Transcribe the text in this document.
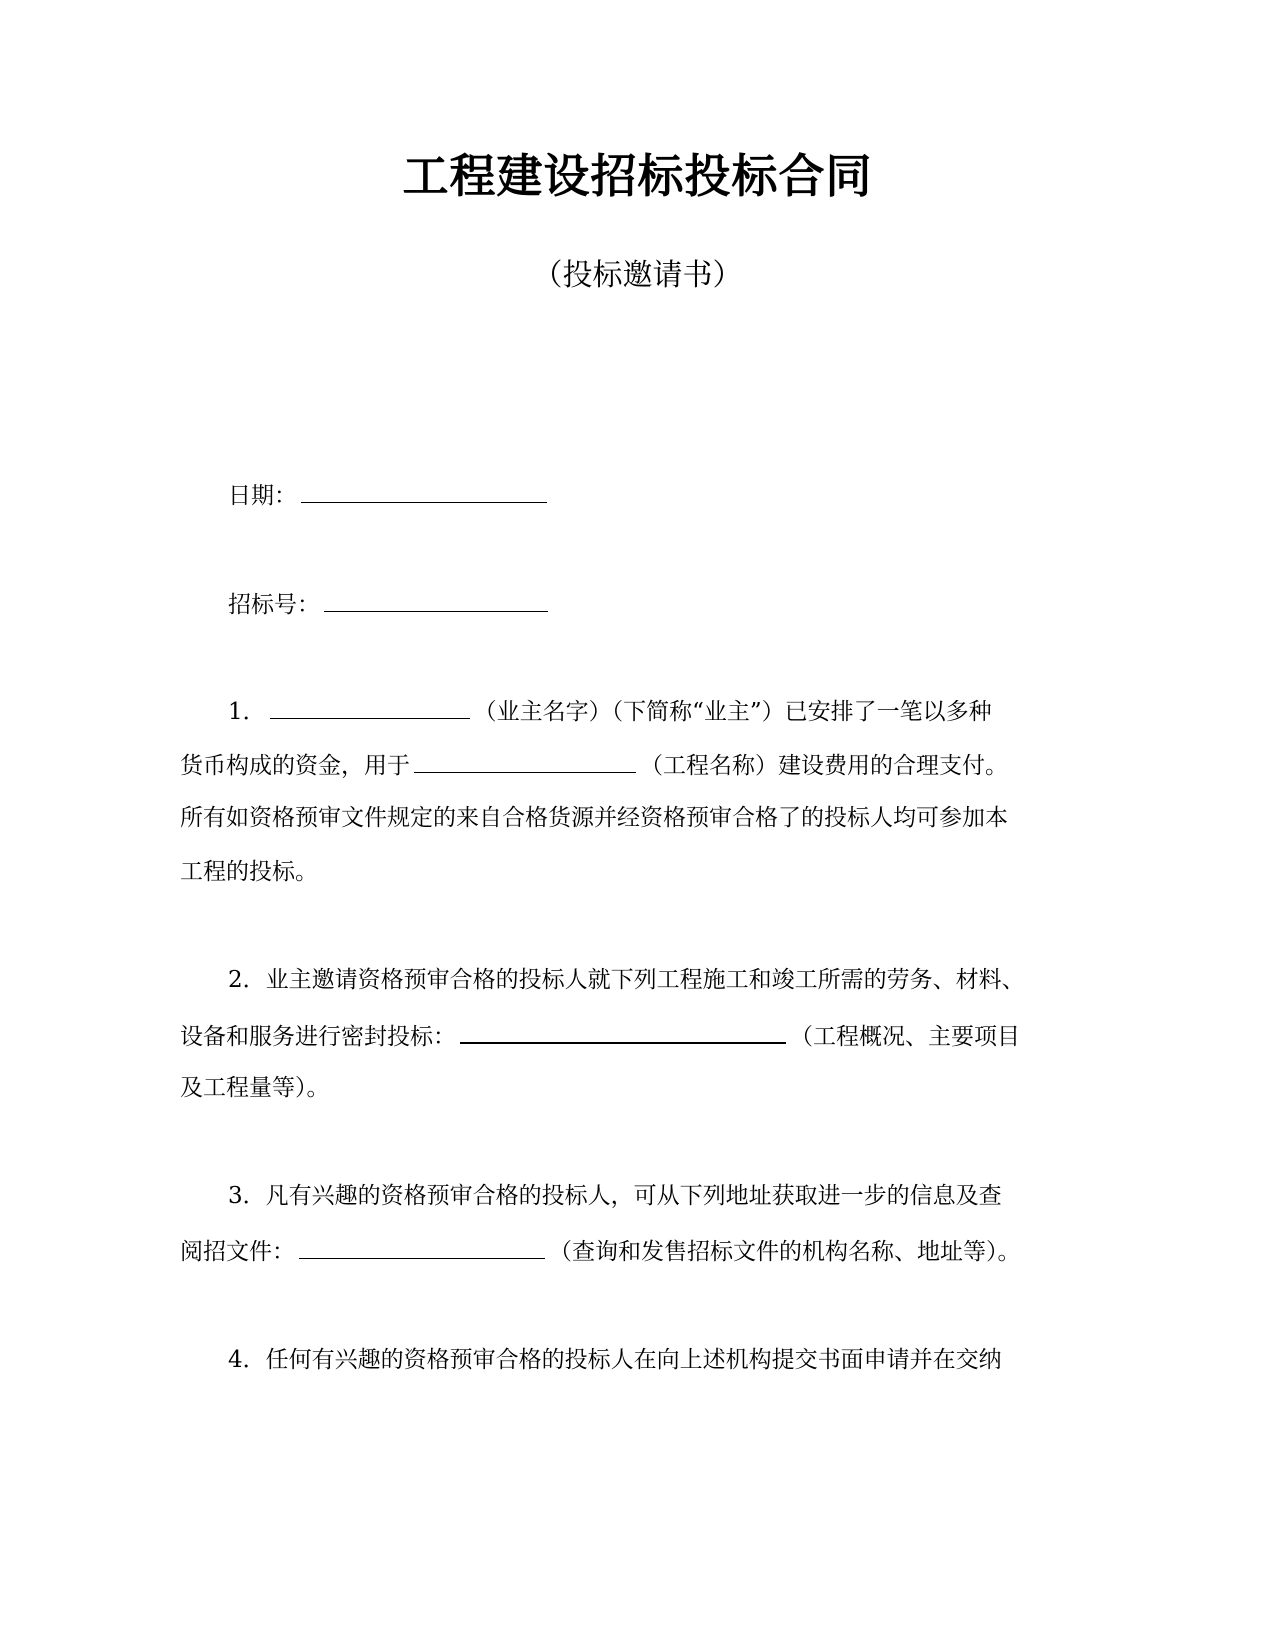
工程建设招标投标合同
（投标邀请书）
日期：
招标号：
1．	（业主名字）（下简称“业主”）已安排了一笔以多种
货币构成的资金，用于	（工程名称）建设费用的合理支付。
所有如资格预审文件规定的来自合格货源并经资格预审合格了的投标人均可参加本
工程的投标。
2．业主邀请资格预审合格的投标人就下列工程施工和竣工所需的劳务、材料、
设备和服务进行密封投标：	（工程概况、主要项目
及工程量等）。
3．凡有兴趣的资格预审合格的投标人，可从下列地址获取进一步的信息及查
阅招文件：	（查询和发售招标文件的机构名称、地址等）。
4．任何有兴趣的资格预审合格的投标人在向上述机构提交书面申请并在交纳
